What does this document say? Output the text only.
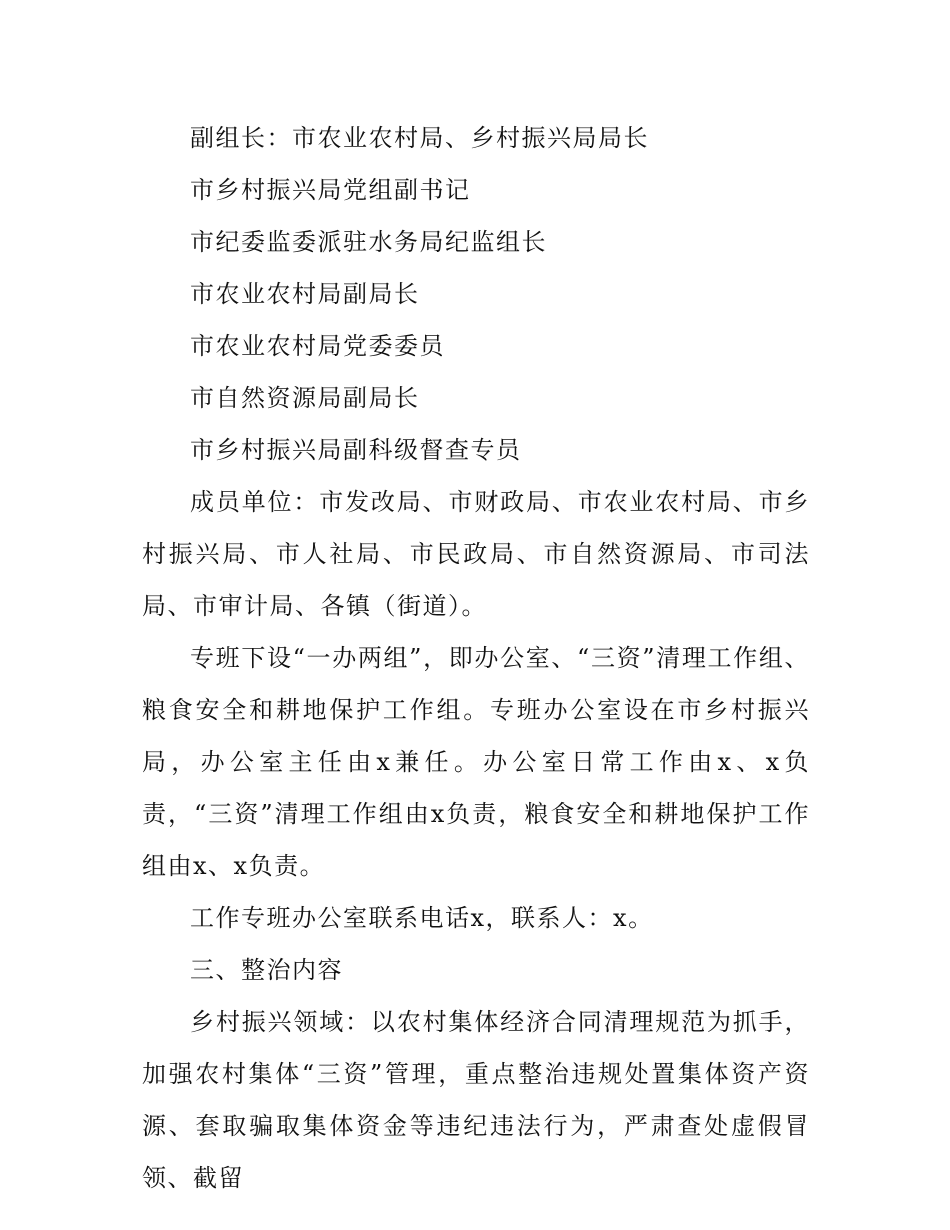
副组长：市农业农村局、乡村振兴局局长

市乡村振兴局党组副书记

市纪委监委派驻水务局纪监组长

市农业农村局副局长

市农业农村局党委委员

市自然资源局副局长

市乡村振兴局副科级督查专员

成员单位：市发改局、市财政局、市农业农村局、市乡村振兴局、市人社局、市民政局、市自然资源局、市司法局、市审计局、各镇（街道）。

专班下设“一办两组”，即办公室、“三资”清理工作组、粮食安全和耕地保护工作组。专班办公室设在市乡村振兴局，办公室主任由x兼任。办公室日常工作由x、x负责，“三资”清理工作组由x负责，粮食安全和耕地保护工作组由x、x负责。

工作专班办公室联系电话x，联系人：x。

三、整治内容

乡村振兴领域：以农村集体经济合同清理规范为抓手，加强农村集体“三资”管理，重点整治违规处置集体资产资源、套取骗取集体资金等违纪违法行为，严肃查处虚假冒领、截留
